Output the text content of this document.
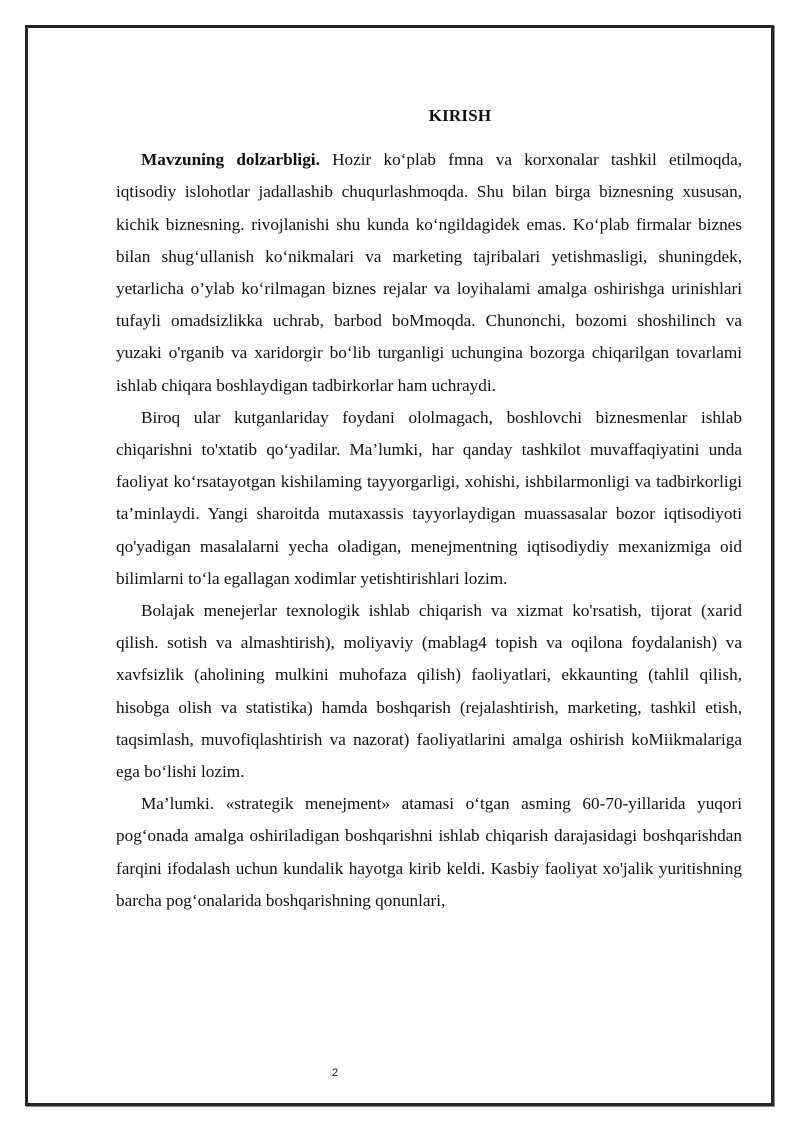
KIRISH

Mavzuning dolzarbligi. Hozir ko‘plab fmna va korxonalar tashkil etilmoqda, iqtisodiy islohotlar jadallashib chuqurlashmoqda. Shu bilan birga biznesning xususan, kichik biznesning. rivojlanishi shu kunda ko‘ngildagidek emas. Ko‘plab firmalar biznes bilan shug‘ullanish ko‘nikmalari va marketing tajribalari yetishmasligi, shuningdek, yetarlicha o’ylab ko‘rilmagan biznes rejalar va loyihalami amalga oshirishga urinishlari tufayli omadsizlikka uchrab, barbod boMmoqda. Chunonchi, bozomi shoshilinch va yuzaki o'rganib va xaridorgir bo‘lib turganligi uchungina bozorga chiqarilgan tovarlami ishlab chiqara boshlaydigan tadbirkorlar ham uchraydi.

Biroq ular kutganlariday foydani ololmagach, boshlovchi biznesmenlar ishlab chiqarishni to'xtatib qo‘yadilar. Ma’lumki, har qanday tashkilot muvaffaqiyatini unda faoliyat ko‘rsatayotgan kishilaming tayyorgarligi, xohishi, ishbilarmonligi va tadbirkorligi ta’minlaydi. Yangi sharoitda mutaxassis tayyorlaydigan muassasalar bozor iqtisodiyoti qo'yadigan masalalarni yecha oladigan, menejmentning iqtisodiydiy mexanizmiga oid bilimlarni to‘la egallagan xodimlar yetishtirishlari lozim.

Bolajak menejerlar texnologik ishlab chiqarish va xizmat ko'rsatish, tijorat (xarid qilish. sotish va almashtirish), moliyaviy (mablag4 topish va oqilona foydalanish) va xavfsizlik (aholining mulkini muhofaza qilish) faoliyatlari, ekkaunting (tahlil qilish, hisobga olish va statistika) hamda boshqarish (rejalashtirish, marketing, tashkil etish, taqsimlash, muvofiqlashtirish va nazorat) faoliyatlarini amalga oshirish koMiikmalariga ega bo‘lishi lozim.

Ma’lumki. «strategik menejment» atamasi o‘tgan asming 60-70-yillarida yuqori pog‘onada amalga oshiriladigan boshqarishni ishlab chiqarish darajasidagi boshqarishdan farqini ifodalash uchun kundalik hayotga kirib keldi. Kasbiy faoliyat xo'jalik yuritishning barcha pog‘onalarida boshqarishning qonunlari,

2
